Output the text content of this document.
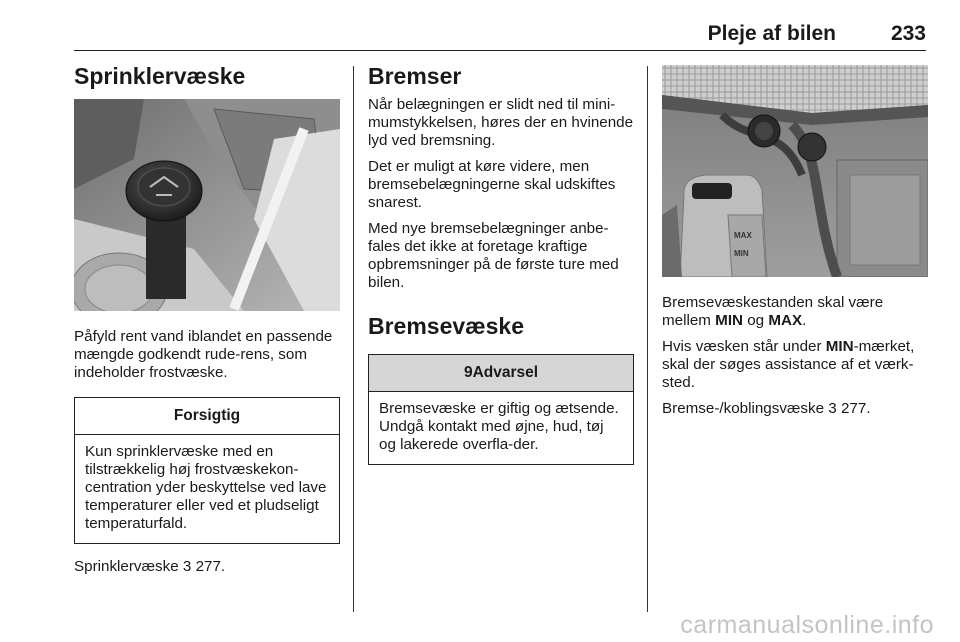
Pleje af bilen	233
Sprinklervæske

Påfyld rent vand iblandet en passende mængde godkendt rude-rens, som indeholder frostvæske.

Forsigtig

Kun sprinklervæske med en tilstrækkelig høj frostvæskekon-centration yder beskyttelse ved lave temperaturer eller ved et pludseligt temperaturfald.

Sprinklervæske 3 277.

Bremser

Når belægningen er slidt ned til mini-mumstykkelsen, høres der en hvinende lyd ved bremsning.

Det er muligt at køre videre, men bremsebelægningerne skal udskiftes snarest.

Med nye bremsebelægninger anbe-fales det ikke at foretage kraftige opbremsninger på de første ture med bilen.

Bremsevæske
9Advarsel

Bremsevæske er giftig og ætsende. Undgå kontakt med øjne, hud, tøj og lakerede overfla-der.

MAX
MIN

Bremsevæskestanden skal være mellem MIN og MAX.

Hvis væsken står under MIN-mærket, skal der søges assistance af et værk-sted.

Bremse-/koblingsvæske 3 277.

carmanualsonline.info
